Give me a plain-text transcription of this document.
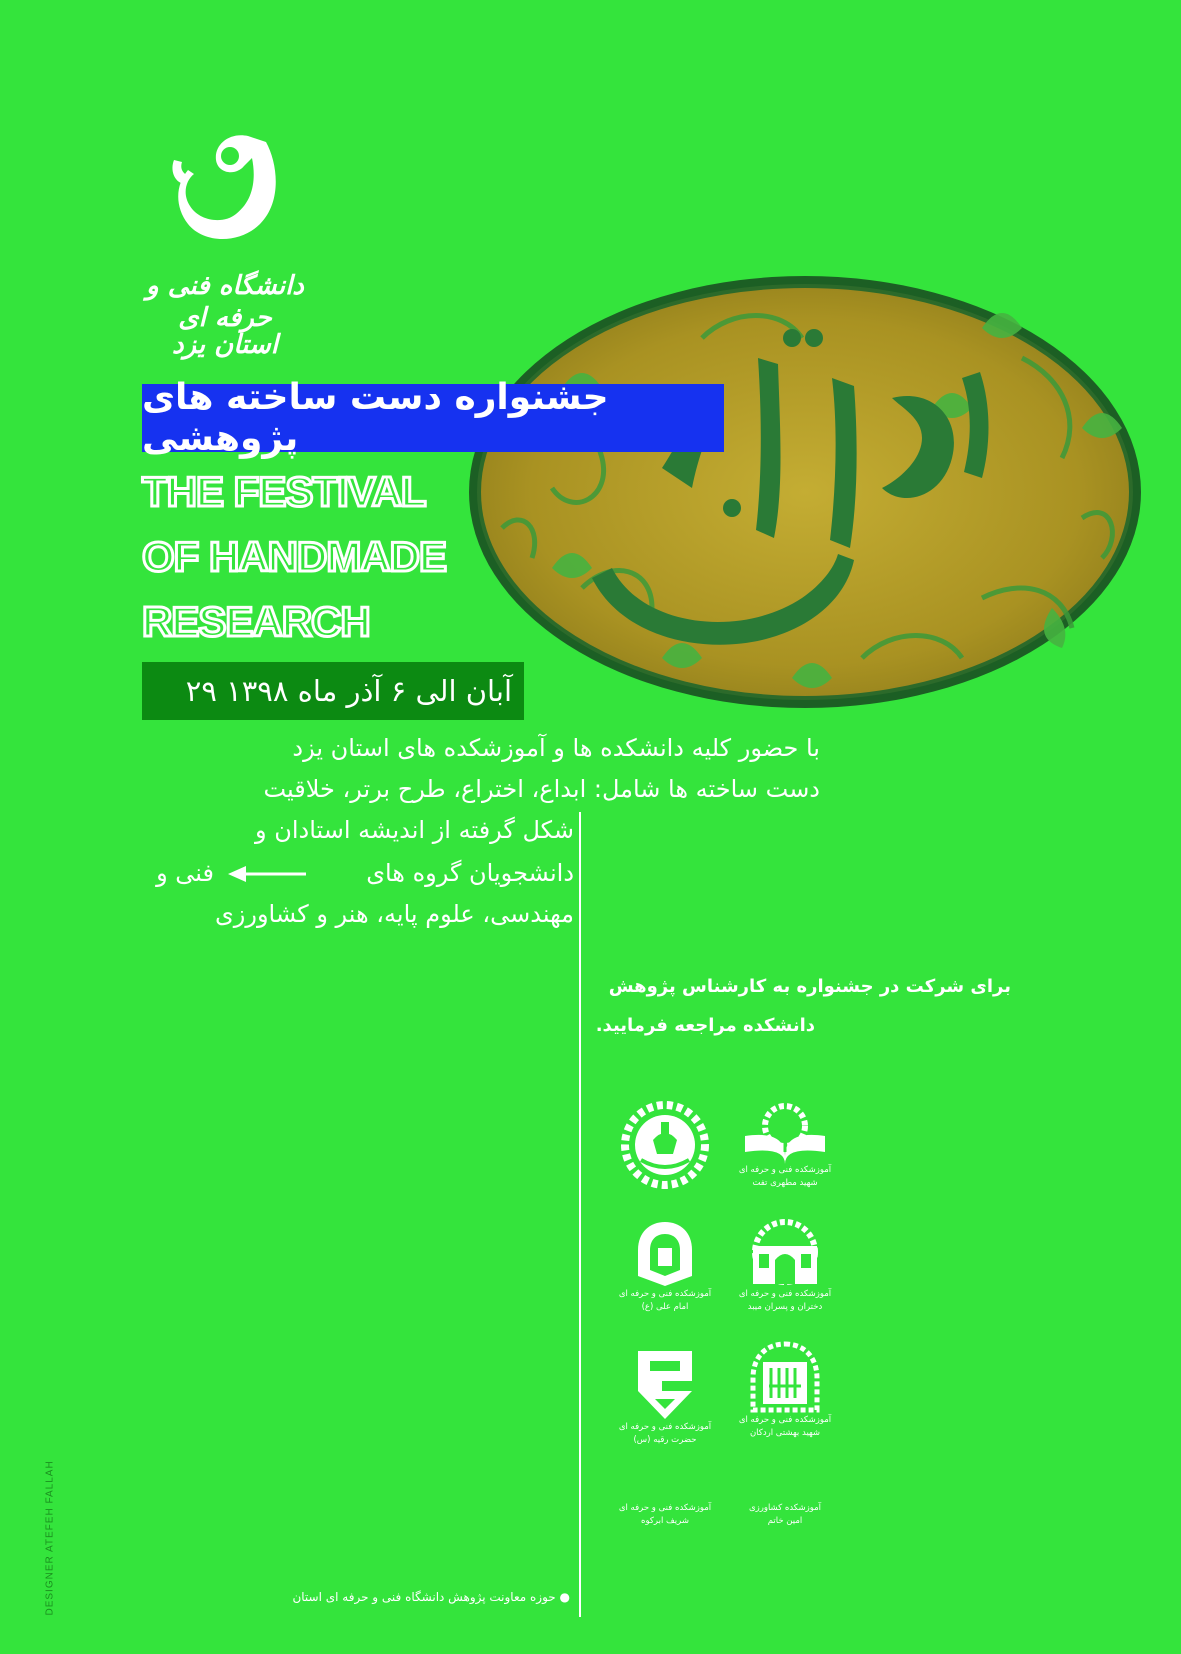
دانشگاه فنی و حرفه ای
استان یزد
جشنواره دست ساخته های پژوهشی
THE FESTIVAL
OF HANDMADE
RESEARCH
۲۹ آبان الی ۶ آذر ماه ۱۳۹۸
با حضور کلیه دانشکده ها و آموزشکده های استان یزد
دست ساخته ها شامل: ابداع، اختراع، طرح برتر، خلاقیت
شکل گرفته از اندیشه استادان و
دانشجویان گروه های
فنی و
مهندسی، علوم پایه، هنر و کشاورزی
برای شرکت در جشنواره به کارشناس پژوهش
دانشکده مراجعه فرمایید.
آموزشکده فنی و حرفه ای
شهید مطهری تفت
آموزشکده فنی و حرفه ای
امام علی (ع)
آموزشکده فنی و حرفه ای
دختران و پسران میبد
آموزشکده فنی و حرفه ای
حضرت رقیه (س)
آموزشکده فنی و حرفه ای
شهید بهشتی اردکان
آموزشکده فنی و حرفه ای
شریف ابرکوه
آموزشکده کشاورزی
امین خاتم
DESIGNER ATEFEH FALLAH	● حوزه معاونت پژوهش دانشگاه فنی و حرفه ای استان
